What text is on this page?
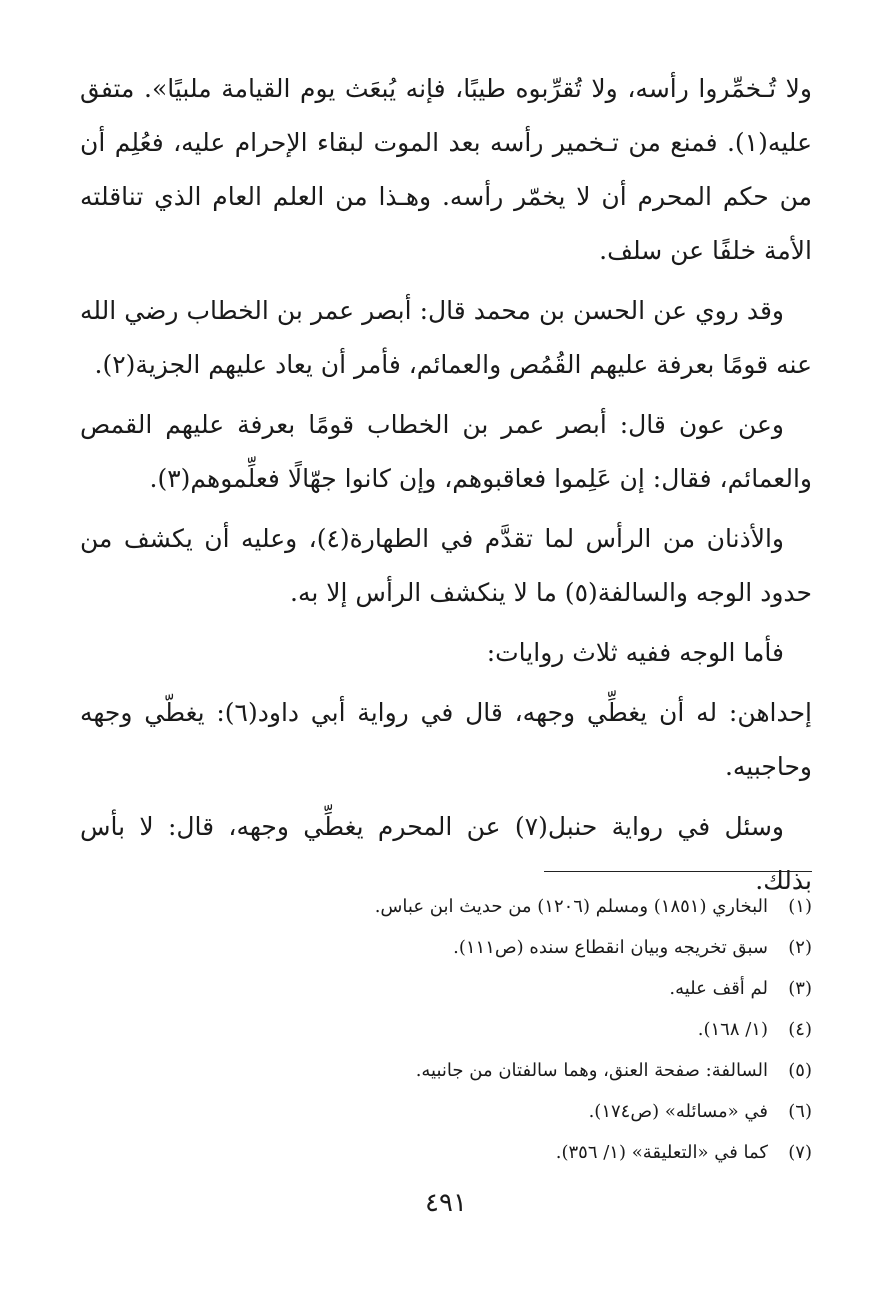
ولا تُـخمِّروا رأسه، ولا تُقرِّبوه طيبًا، فإنه يُبعَث يوم القيامة ملبيًا». متفق عليه(١). فمنع من تـخمير رأسه بعد الموت لبقاء الإحرام عليه، فعُلِم أن من حكم المحرم أن لا يخمّر رأسه. وهـذا من العلم العام الذي تناقلته الأمة خلفًا عن سلف.

وقد روي عن الحسن بن محمد قال: أبصر عمر بن الخطاب رضي الله عنه قومًا بعرفة عليهم القُمُص والعمائم، فأمر أن يعاد عليهم الجزية(٢).

وعن عون قال: أبصر عمر بن الخطاب قومًا بعرفة عليهم القمص والعمائم، فقال: إن عَلِموا فعاقبوهم، وإن كانوا جهّالًا فعلِّموهم(٣).

والأذنان من الرأس لما تقدَّم في الطهارة(٤)، وعليه أن يكشف من حدود الوجه والسالفة(٥) ما لا ينكشف الرأس إلا به.

فأما الوجه ففيه ثلاث روايات:

إحداهن: له أن يغطِّي وجهه، قال في رواية أبي داود(٦): يغطّي وجهه وحاجبيه.

وسئل في رواية حنبل(٧) عن المحرم يغطِّي وجهه، قال: لا بأس بذلك.

(١)
البخاري (١٨٥١) ومسلم (١٢٠٦) من حديث ابن عباس.
(٢)
سبق تخريجه وبيان انقطاع سنده (ص١١١).
(٣)
لم أقف عليه.
(٤)
(١/ ١٦٨).
(٥)
السالفة: صفحة العنق، وهما سالفتان من جانبيه.
(٦)
في «مسائله» (ص١٧٤).
(٧)
كما في «التعليقة» (١/ ٣٥٦).
٤٩١
